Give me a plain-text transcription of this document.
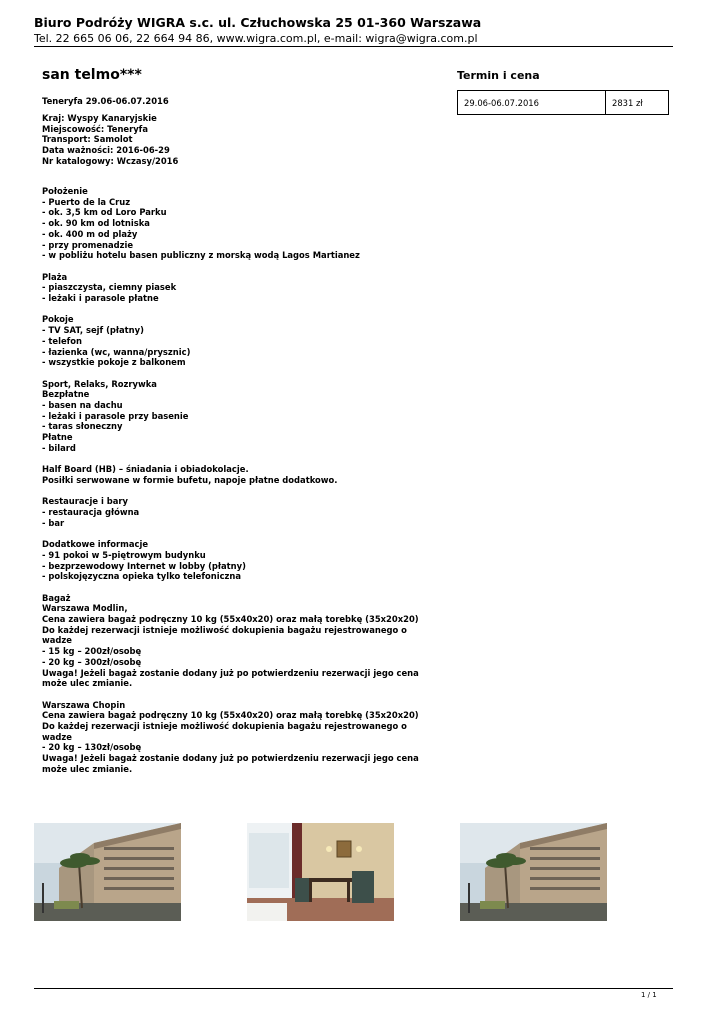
Biuro Podróży WIGRA s.c. ul. Człuchowska 25 01-360 Warszawa
Tel. 22 665 06 06, 22 664 94 86, www.wigra.com.pl, e-mail: wigra@wigra.com.pl
san telmo***
Teneryfa 29.06-06.07.2016
Kraj: Wyspy Kanaryjskie
Miejscowość: Teneryfa
Transport: Samolot
Data ważności: 2016-06-29
Nr katalogowy: Wczasy/2016

Położenie
- Puerto de la Cruz
- ok. 3,5 km od Loro Parku
- ok. 90 km od lotniska
- ok. 400 m od plaży
- przy promenadzie
- w pobliżu hotelu basen publiczny z morską wodą Lagos Martianez

Plaża
- piaszczysta, ciemny piasek
- leżaki i parasole płatne

Pokoje
- TV SAT, sejf (płatny)
- telefon
- łazienka (wc, wanna/prysznic)
- wszystkie pokoje z balkonem

Sport, Relaks, Rozrywka
Bezpłatne
- basen na dachu
- leżaki i parasole przy basenie
- taras słoneczny
Płatne
- bilard

Half Board (HB) – śniadania i obiadokolacje.
Posiłki serwowane w formie bufetu, napoje płatne dodatkowo.

Restauracje i bary
- restauracja główna
- bar

Dodatkowe informacje
- 91 pokoi w 5-piętrowym budynku
- bezprzewodowy Internet w lobby (płatny)
- polskojęzyczna opieka tylko telefoniczna

Bagaż
Warszawa Modlin,
Cena zawiera bagaż podręczny 10 kg (55x40x20) oraz małą torebkę (35x20x20)
Do każdej rezerwacji istnieje możliwość dokupienia bagażu rejestrowanego o
wadze
- 15 kg – 200zł/osobę
- 20 kg – 300zł/osobę
Uwaga! Jeżeli bagaż zostanie dodany już po potwierdzeniu rezerwacji jego cena
może ulec zmianie.

Warszawa Chopin
Cena zawiera bagaż podręczny 10 kg (55x40x20) oraz małą torebkę (35x20x20)
Do każdej rezerwacji istnieje możliwość dokupienia bagażu rejestrowanego o
wadze
- 20 kg – 130zł/osobę
Uwaga! Jeżeli bagaż zostanie dodany już po potwierdzeniu rezerwacji jego cena
może ulec zmianie.

Termin i cena
29.06-06.07.2016	2831 zł
1 / 1
